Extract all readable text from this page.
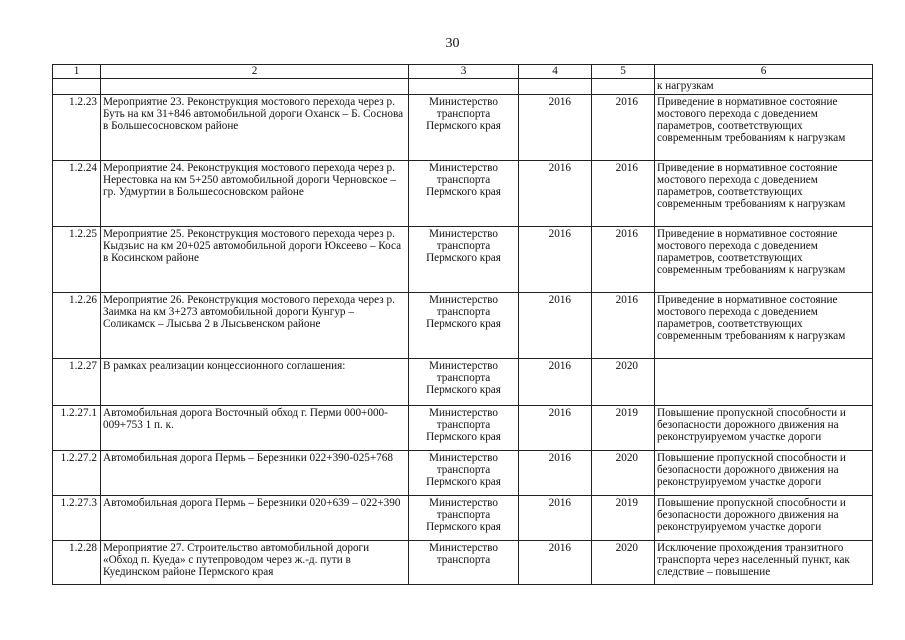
30
1	2	3	4	5	6
					к нагрузкам
1.2.23	Мероприятие 23. Реконструкция мостового перехода через р. Буть на км 31+846 автомобильной дороги Оханск – Б. Соснова в Большесосновском районе	Министерство транспорта Пермского края	2016	2016	Приведение в нормативное состояние мостового перехода с доведением параметров, соответствующих современным требованиям к нагрузкам
1.2.24	Мероприятие 24. Реконструкция мостового перехода через р. Нерестовка на км 5+250 автомобильной дороги Черновское – гр. Удмуртии в Большесосновском районе	Министерство транспорта Пермского края	2016	2016	Приведение в нормативное состояние мостового перехода с доведением параметров, соответствующих современным требованиям к нагрузкам
1.2.25	Мероприятие 25. Реконструкция мостового перехода через р. Кыдзьис на км 20+025 автомобильной дороги Юксеево – Коса в Косинском районе	Министерство транспорта Пермского края	2016	2016	Приведение в нормативное состояние мостового перехода с доведением параметров, соответствующих современным требованиям к нагрузкам
1.2.26	Мероприятие 26. Реконструкция мостового перехода через р. Заимка на км 3+273 автомобильной дороги Кунгур – Соликамск – Лысьва 2 в Лысьвенском районе	Министерство транспорта Пермского края	2016	2016	Приведение в нормативное состояние мостового перехода с доведением параметров, соответствующих современным требованиям к нагрузкам
1.2.27	В рамках реализации концессионного соглашения:	Министерство транспорта Пермского края	2016	2020	
1.2.27.1	Автомобильная дорога Восточный обход г. Перми 000+000-009+753 1 п. к.	Министерство транспорта Пермского края	2016	2019	Повышение пропускной способности и безопасности дорожного движения на реконструируемом участке дороги
1.2.27.2	Автомобильная дорога Пермь – Березники 022+390-025+768	Министерство транспорта Пермского края	2016	2020	Повышение пропускной способности и безопасности дорожного движения на реконструируемом участке дороги
1.2.27.3	Автомобильная дорога Пермь – Березники 020+639 – 022+390	Министерство транспорта Пермского края	2016	2019	Повышение пропускной способности и безопасности дорожного движения на реконструируемом участке дороги
1.2.28	Мероприятие 27. Строительство автомобильной дороги «Обход п. Куеда» с путепроводом через ж.-д. пути в Куединском районе Пермского края	Министерство транспорта	2016	2020	Исключение прохождения транзитного транспорта через населенный пункт, как следствие – повышение
